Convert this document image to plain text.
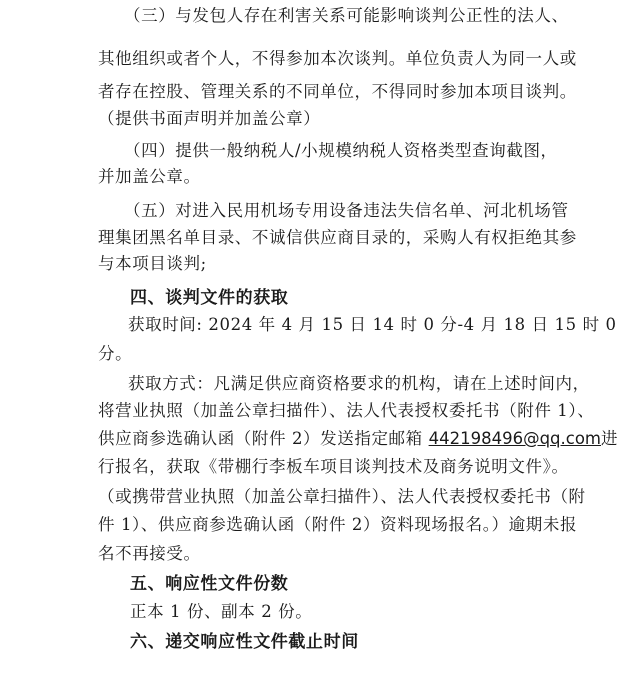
（三）与发包人存在利害关系可能影响谈判公正性的法人、
其他组织或者个人，不得参加本次谈判。单位负责人为同一人或
者存在控股、管理关系的不同单位，不得同时参加本项目谈判。
（提供书面声明并加盖公章）
（四）提供一般纳税人/小规模纳税人资格类型查询截图，
并加盖公章。
（五）对进入民用机场专用设备违法失信名单、河北机场管
理集团黑名单目录、不诚信供应商目录的，采购人有权拒绝其参
与本项目谈判;
四、谈判文件的获取
获取时间: 2024 年 4 月 15 日 14 时 0 分-4 月 18 日 15 时 0
分。
获取方式：凡满足供应商资格要求的机构，请在上述时间内，
将营业执照（加盖公章扫描件）、法人代表授权委托书（附件 1）、
供应商参选确认函（附件 2）发送指定邮箱 442198496@qq.com进
行报名，获取《带棚行李板车项目谈判技术及商务说明文件》。
（或携带营业执照（加盖公章扫描件）、法人代表授权委托书（附
件 1）、供应商参选确认函（附件 2）资料现场报名。）逾期未报
名不再接受。
五、响应性文件份数
正本 1 份、副本 2 份。
六、递交响应性文件截止时间
